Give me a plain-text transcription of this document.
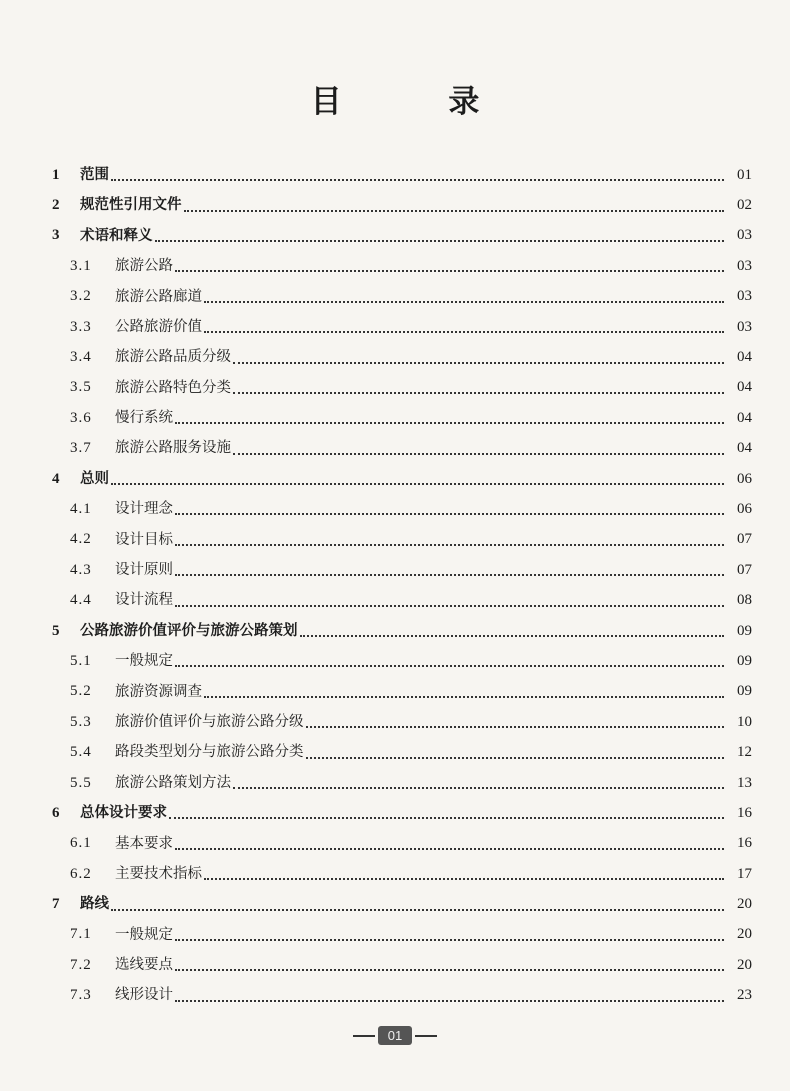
目 录
1	范围	01
2	规范性引用文件	02
3	术语和释义	03
3.1	旅游公路	03
3.2	旅游公路廊道	03
3.3	公路旅游价值	03
3.4	旅游公路品质分级	04
3.5	旅游公路特色分类	04
3.6	慢行系统	04
3.7	旅游公路服务设施	04
4	总则	06
4.1	设计理念	06
4.2	设计目标	07
4.3	设计原则	07
4.4	设计流程	08
5	公路旅游价值评价与旅游公路策划	09
5.1	一般规定	09
5.2	旅游资源调查	09
5.3	旅游价值评价与旅游公路分级	10
5.4	路段类型划分与旅游公路分类	12
5.5	旅游公路策划方法	13
6	总体设计要求	16
6.1	基本要求	16
6.2	主要技术指标	17
7	路线	20
7.1	一般规定	20
7.2	选线要点	20
7.3	线形设计	23
01
